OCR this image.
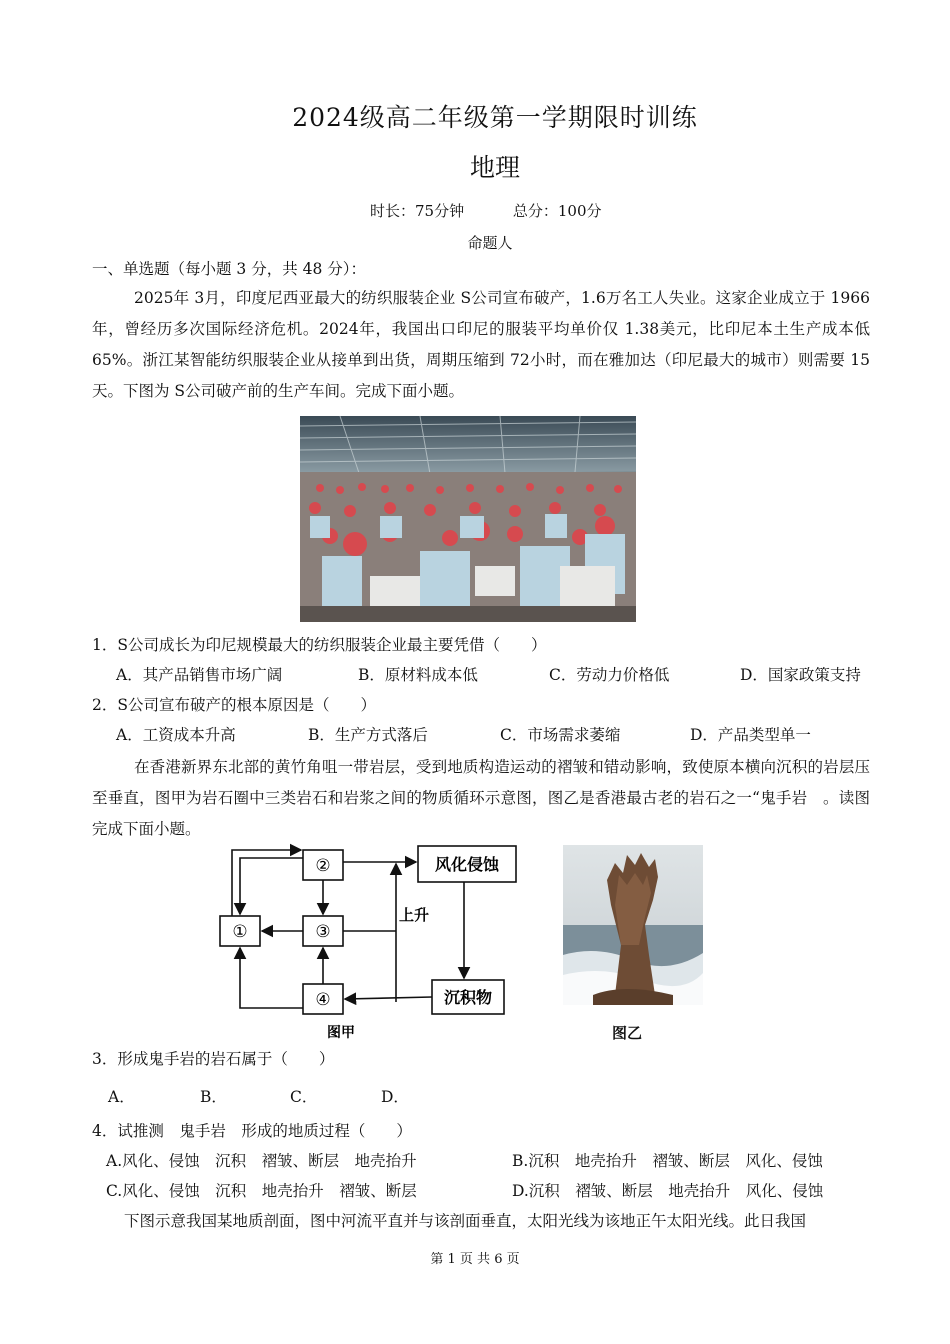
2024级高二年级第一学期限时训练
地理
时长：75分钟	总分：100分
命题人
一、单选题（每小题 3 分，共 48 分）：
2025年 3月，印度尼西亚最大的纺织服装企业 S公司宣布破产，1.6万名工人失业。这家企业成立于 1966年，曾经历多次国际经济危机。2024年，我国出口印尼的服装平均单价仅 1.38美元，比印尼本土生产成本低 65%。浙江某智能纺织服装企业从接单到出货，周期压缩到 72小时，而在雅加达（印尼最大的城市）则需要 15天。下图为 S公司破产前的生产车间。完成下面小题。
1．S公司成长为印尼规模最大的纺织服装企业最主要凭借（　　）
A．其产品销售市场广阔	B．原材料成本低	C．劳动力价格低	D．国家政策支持
2．S公司宣布破产的根本原因是（　　）
A．工资成本升高	B．生产方式落后	C．市场需求萎缩	D．产品类型单一
在香港新界东北部的黄竹角咀一带岩层，受到地质构造运动的褶皱和错动影响，致使原本横向沉积的岩层压至垂直，图甲为岩石圈中三类岩石和岩浆之间的物质循环示意图，图乙是香港最古老的岩石之一“鬼手岩　。读图完成下面小题。
②
①	③
④
风化侵蚀
沉积物
上升
图甲	图乙
3．形成鬼手岩的岩石属于（　　）
A．	B．	C．	D．
4．试推测　鬼手岩　形成的地质过程（　　）
A.风化、侵蚀　沉积　褶皱、断层　地壳抬升	B.沉积　地壳抬升　褶皱、断层　风化、侵蚀
C.风化、侵蚀　沉积　地壳抬升　褶皱、断层	D.沉积　褶皱、断层　地壳抬升　风化、侵蚀
下图示意我国某地质剖面，图中河流平直并与该剖面垂直，太阳光线为该地正午太阳光线。此日我国
第 1 页 共 6 页
